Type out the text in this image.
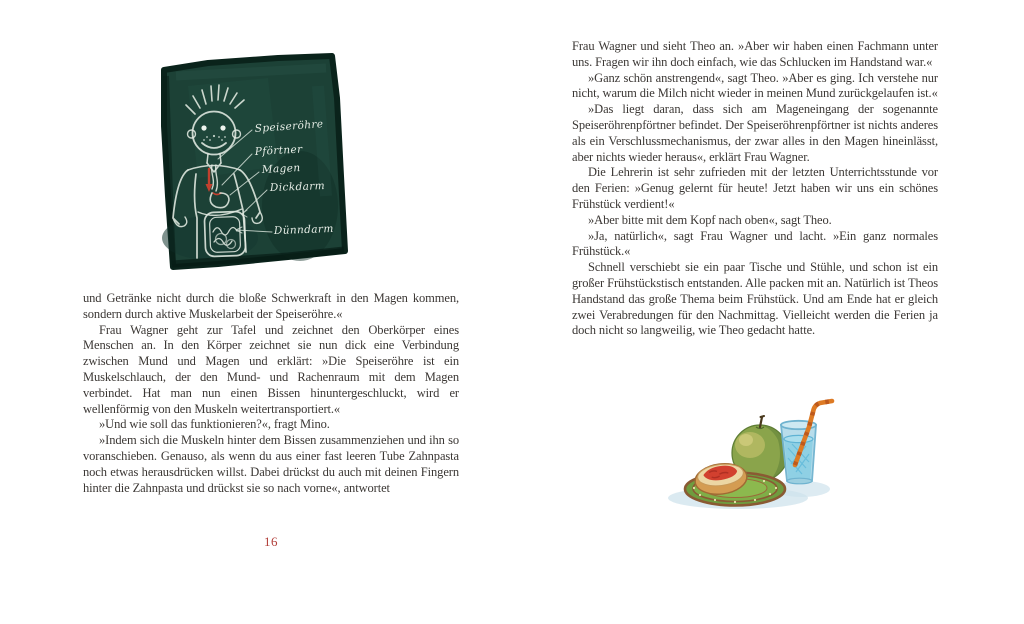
Speiseröhre
Pförtner
Magen
Dickdarm
Dünndarm

und Getränke nicht durch die bloße Schwerkraft in den Magen kommen, sondern durch aktive Muskelarbeit der Speiseröhre.«

Frau Wagner geht zur Tafel und zeichnet den Oberkörper eines Menschen an. In den Körper zeichnet sie nun dick eine Verbindung zwischen Mund und Magen und erklärt: »Die Speiseröhre ist ein Muskelschlauch, der den Mund- und Rachenraum mit dem Magen verbindet. Hat man nun einen Bissen hinuntergeschluckt, wird er wellenförmig von den Muskeln weitertransportiert.«

»Und wie soll das funktionieren?«, fragt Mino.

»Indem sich die Muskeln hinter dem Bissen zusammenziehen und ihn so voranschieben. Genauso, als wenn du aus einer fast leeren Tube Zahnpasta noch etwas herausdrücken willst. Dabei drückst du auch mit deinen Fingern hinter die Zahnpasta und drückst sie so nach vorne«, antwortet

16

Frau Wagner und sieht Theo an. »Aber wir haben einen Fachmann unter uns. Fragen wir ihn doch einfach, wie das Schlucken im Handstand war.«

»Ganz schön anstrengend«, sagt Theo. »Aber es ging. Ich verstehe nur nicht, warum die Milch nicht wieder in meinen Mund zurückgelaufen ist.«

»Das liegt daran, dass sich am Mageneingang der sogenannte Speiseröhrenpförtner befindet. Der Speiseröhrenpförtner ist nichts anderes als ein Verschlussmechanismus, der zwar alles in den Magen hineinlässt, aber nichts wieder heraus«, erklärt Frau Wagner.

Die Lehrerin ist sehr zufrieden mit der letzten Unterrichtsstunde vor den Ferien: »Genug gelernt für heute! Jetzt haben wir uns ein schönes Frühstück verdient!«

»Aber bitte mit dem Kopf nach oben«, sagt Theo.

»Ja, natürlich«, sagt Frau Wagner und lacht. »Ein ganz normales Frühstück.«

Schnell verschiebt sie ein paar Tische und Stühle, und schon ist ein großer Frühstückstisch entstanden. Alle packen mit an. Natürlich ist Theos Handstand das große Thema beim Frühstück. Und am Ende hat er gleich zwei Verabredungen für den Nachmittag. Vielleicht werden die Ferien ja doch nicht so langweilig, wie Theo gedacht hatte.
